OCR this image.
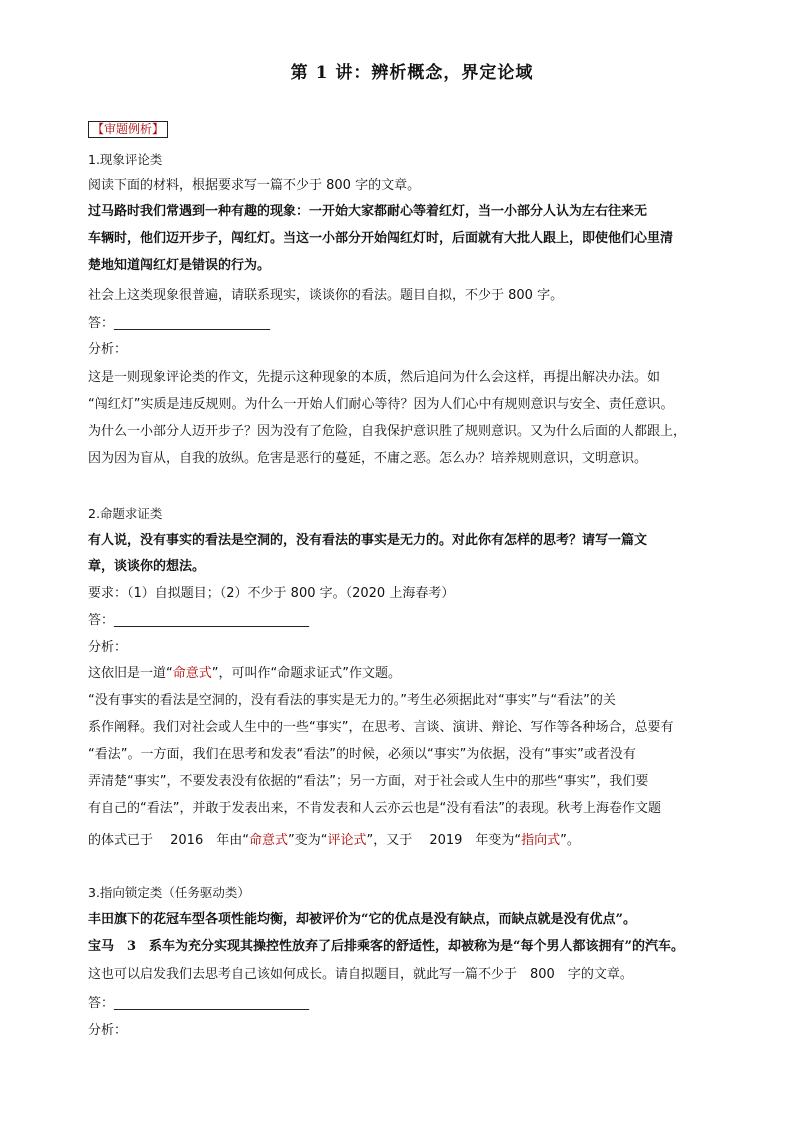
第 1 讲：辨析概念，界定论域
【审题例析】
1.现象评论类
阅读下面的材料，根据要求写一篇不少于 800 字的文章。
过马路时我们常遇到一种有趣的现象：一开始大家都耐心等着红灯，当一小部分人认为左右往来无
车辆时，他们迈开步子，闯红灯。当这一小部分开始闯红灯时，后面就有大批人跟上，即使他们心里清
楚地知道闯红灯是错误的行为。
社会上这类现象很普遍，请联系现实，谈谈你的看法。题目自拟，不少于 800 字。
答：________________________
分析：
这是一则现象评论类的作文，先提示这种现象的本质，然后追问为什么会这样，再提出解决办法。如
“闯红灯”实质是违反规则。为什么一开始人们耐心等待？因为人们心中有规则意识与安全、责任意识。
为什么一小部分人迈开步子？因为没有了危险，自我保护意识胜了规则意识。又为什么后面的人都跟上，
因为因为盲从，自我的放纵。危害是恶行的蔓延，不庸之恶。怎么办？培养规则意识，文明意识。
2.命题求证类
有人说，没有事实的看法是空洞的，没有看法的事实是无力的。对此你有怎样的思考？请写一篇文
章，谈谈你的想法。
要求：（1）自拟题目；（2）不少于 800 字。（2020 上海春考）
答：______________________________
分析：
这依旧是一道“命意式”，可叫作“命题求证式”作文题。
“没有事实的看法是空洞的，没有看法的事实是无力的。”考生必须据此对“事实”与“看法”的关
系作阐释。我们对社会或人生中的一些“事实”，在思考、言谈、演讲、辩论、写作等各种场合，总要有
“看法”。一方面，我们在思考和发表“看法”的时候，必须以“事实”为依据，没有“事实”或者没有
弄清楚“事实”，不要发表没有依据的“看法”；另一方面，对于社会或人生中的那些“事实”，我们要
有自己的“看法”，并敢于发表出来，不肯发表和人云亦云也是“没有看法”的表现。秋考上海卷作文题
的体式已于　 2016　年由“命意式”变为“评论式”，又于　 2019　年变为“指向式”。
3.指向锁定类（任务驱动类）
丰田旗下的花冠车型各项性能均衡，却被评价为“它的优点是没有缺点，而缺点就是没有优点”。
宝马　3　系车为充分实现其操控性放弃了后排乘客的舒适性，却被称为是“每个男人都该拥有”的汽车。
这也可以启发我们去思考自己该如何成长。请自拟题目，就此写一篇不少于　800　字的文章。
答：______________________________
分析：
